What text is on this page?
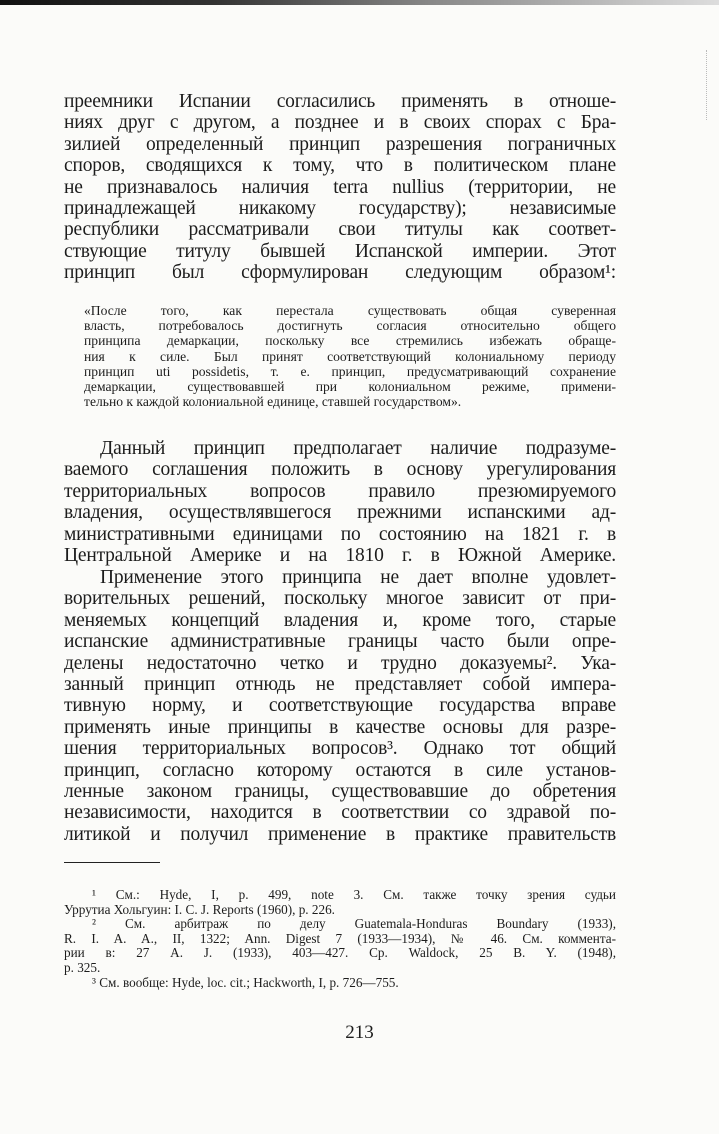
преемники Испании согласились применять в отноше-
ниях друг с другом, а позднее и в своих спорах с Бра-
зилией определенный принцип разрешения пограничных
споров, сводящихся к тому, что в политическом плане
не признавалось наличия terra nullius (территории, не
принадлежащей никакому государству); независимые
республики рассматривали свои титулы как соответ-
ствующие титулу бывшей Испанской империи. Этот
принцип был сформулирован следующим образом¹:
«После того, как перестала существовать общая суверенная
власть, потребовалось достигнуть согласия относительно общего
принципа демаркации, поскольку все стремились избежать обраще-
ния к силе. Был принят соответствующий колониальному периоду
принцип uti possidetis, т. е. принцип, предусматривающий сохранение
демаркации, существовавшей при колониальном режиме, примени-
тельно к каждой колониальной единице, ставшей государством».
Данный принцип предполагает наличие подразуме-
ваемого соглашения положить в основу урегулирования
территориальных вопросов правило презюмируемого
владения, осуществлявшегося прежними испанскими ад-
министративными единицами по состоянию на 1821 г. в
Центральной Америке и на 1810 г. в Южной Америке.
Применение этого принципа не дает вполне удовлет-
ворительных решений, поскольку многое зависит от при-
меняемых концепций владения и, кроме того, старые
испанские административные границы часто были опре-
делены недостаточно четко и трудно доказуемы². Ука-
занный принцип отнюдь не представляет собой импера-
тивную норму, и соответствующие государства вправе
применять иные принципы в качестве основы для разре-
шения территориальных вопросов³. Однако тот общий
принцип, согласно которому остаются в силе установ-
ленные законом границы, существовавшие до обретения
независимости, находится в соответствии со здравой по-
литикой и получил применение в практике правительств
¹ См.: Hyde, I, p. 499, note 3. См. также точку зрения судьи
Уррутиа Хольгуин: I. C. J. Reports (1960), p. 226.
² См. арбитраж по делу Guatemala-Honduras Boundary (1933),
R. I. A. A., II, 1322; Ann. Digest 7 (1933—1934), № 46. См. коммента-
рии в: 27 A. J. (1933), 403—427. Ср. Waldock, 25 B. Y. (1948),
p. 325.
³ См. вообще: Hyde, loc. cit.; Hackworth, I, p. 726—755.
213
